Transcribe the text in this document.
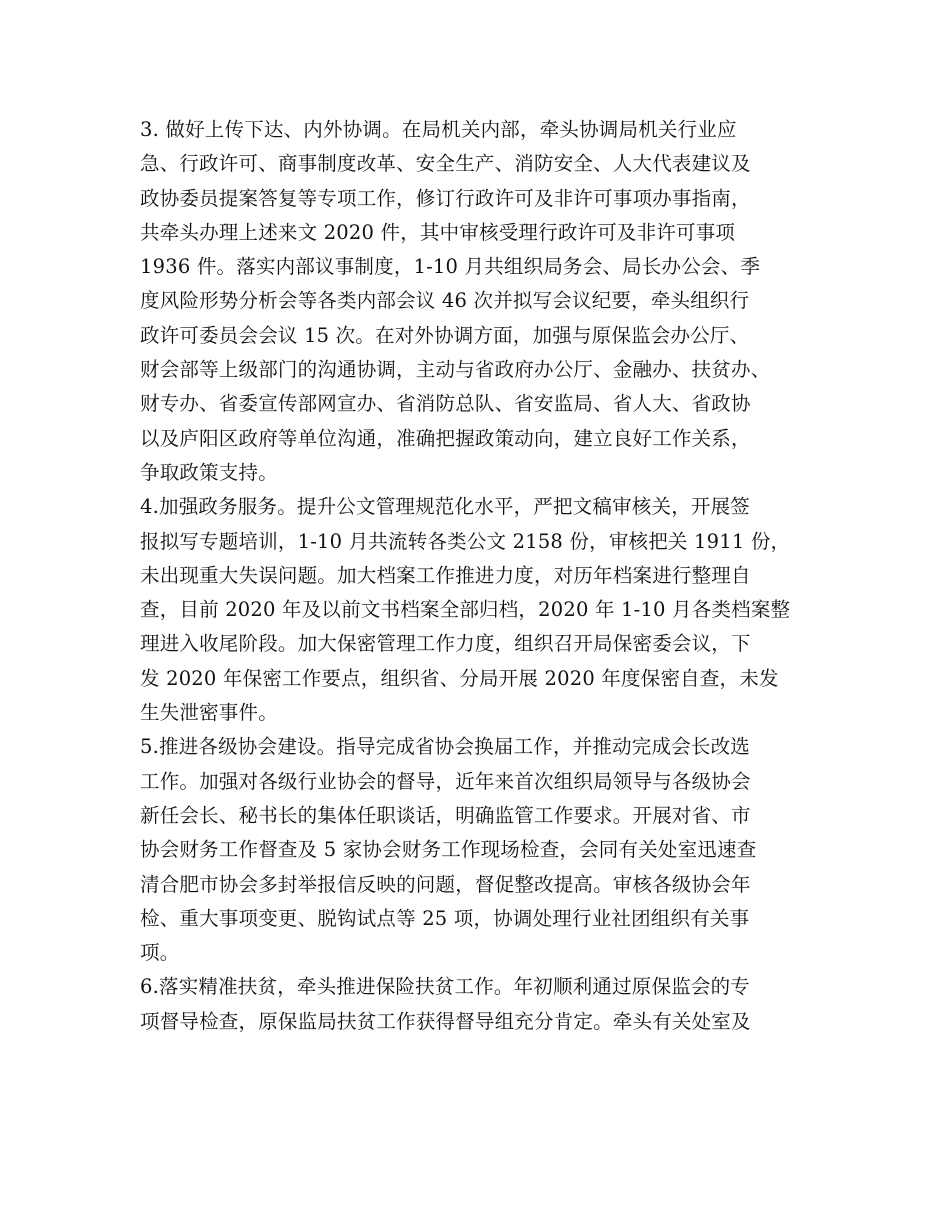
3. 做好上传下达、内外协调。在局机关内部，牵头协调局机关行业应
急、行政许可、商事制度改革、安全生产、消防安全、人大代表建议及
政协委员提案答复等专项工作，修订行政许可及非许可事项办事指南，
共牵头办理上述来文 2020 件，其中审核受理行政许可及非许可事项
1936 件。落实内部议事制度，1-10 月共组织局务会、局长办公会、季
度风险形势分析会等各类内部会议 46 次并拟写会议纪要，牵头组织行
政许可委员会会议 15 次。在对外协调方面，加强与原保监会办公厅、
财会部等上级部门的沟通协调，主动与省政府办公厅、金融办、扶贫办、
财专办、省委宣传部网宣办、省消防总队、省安监局、省人大、省政协
以及庐阳区政府等单位沟通，准确把握政策动向，建立良好工作关系，
争取政策支持。
4.加强政务服务。提升公文管理规范化水平，严把文稿审核关，开展签
报拟写专题培训，1-10 月共流转各类公文 2158 份，审核把关 1911 份，
未出现重大失误问题。加大档案工作推进力度，对历年档案进行整理自
查，目前 2020 年及以前文书档案全部归档，2020 年 1-10 月各类档案整
理进入收尾阶段。加大保密管理工作力度，组织召开局保密委会议，下
发 2020 年保密工作要点，组织省、分局开展 2020 年度保密自查，未发
生失泄密事件。
5.推进各级协会建设。指导完成省协会换届工作，并推动完成会长改选
工作。加强对各级行业协会的督导，近年来首次组织局领导与各级协会
新任会长、秘书长的集体任职谈话，明确监管工作要求。开展对省、市
协会财务工作督查及 5 家协会财务工作现场检查，会同有关处室迅速查
清合肥市协会多封举报信反映的问题，督促整改提高。审核各级协会年
检、重大事项变更、脱钩试点等 25 项，协调处理行业社团组织有关事
项。
6.落实精准扶贫，牵头推进保险扶贫工作。年初顺利通过原保监会的专
项督导检查，原保监局扶贫工作获得督导组充分肯定。牵头有关处室及
